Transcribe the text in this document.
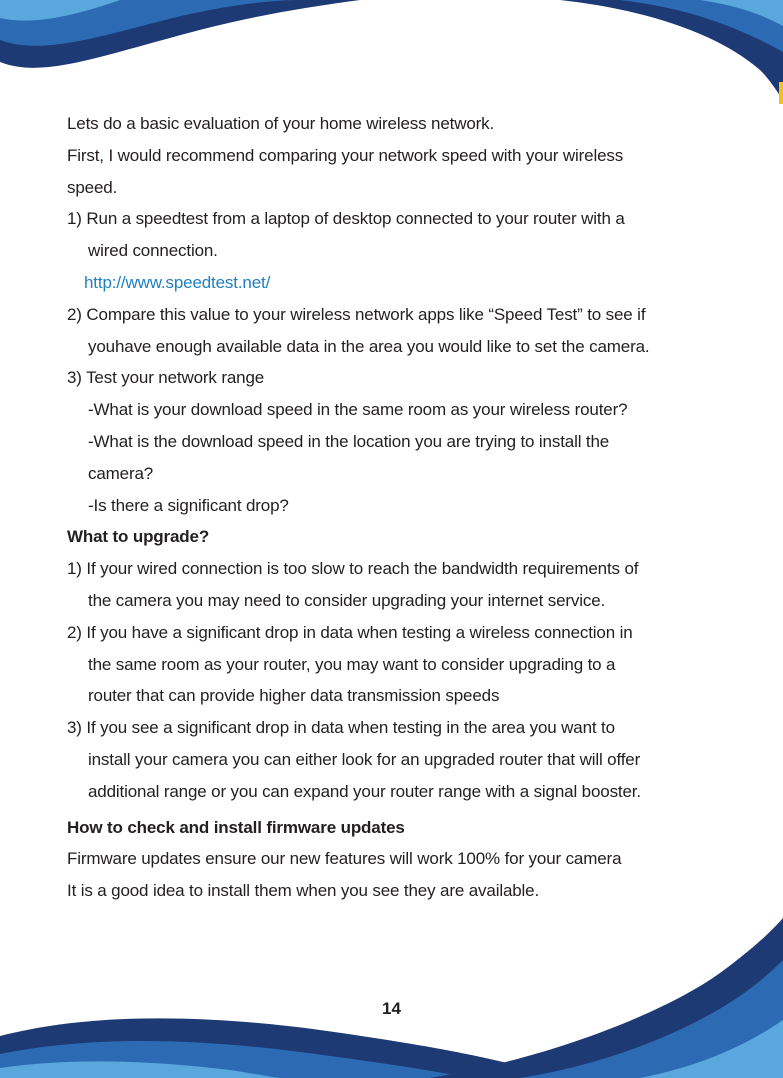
Lets do a basic evaluation of your home wireless network.
First, I would recommend comparing your network speed with your wireless
speed.
1) Run a speedtest from a laptop of desktop connected to your router with a
wired connection.
http://www.speedtest.net/
2) Compare this value to your wireless network apps like “Speed Test” to see if
youhave enough available data in the area you would like to set the camera.
3) Test your network range
-What is your download speed in the same room as your wireless router?
-What is the download speed in the location you are trying to install the
camera?
-Is there a significant drop?
What to upgrade?
1) If your wired connection is too slow to reach the bandwidth requirements of
the camera you may need to consider upgrading your internet service.
2) If you have a significant drop in data when testing a wireless connection in
the same room as your router, you may want to consider upgrading to a
router that can provide higher data transmission speeds
3) If you see a significant drop in data when testing in the area you want to
install your camera you can either look for an upgraded router that will offer
additional range or you can expand your router range with a signal booster.
How to check and install firmware updates
Firmware updates ensure our new features will work 100% for your camera
It is a good idea to install them when you see they are available.
14
